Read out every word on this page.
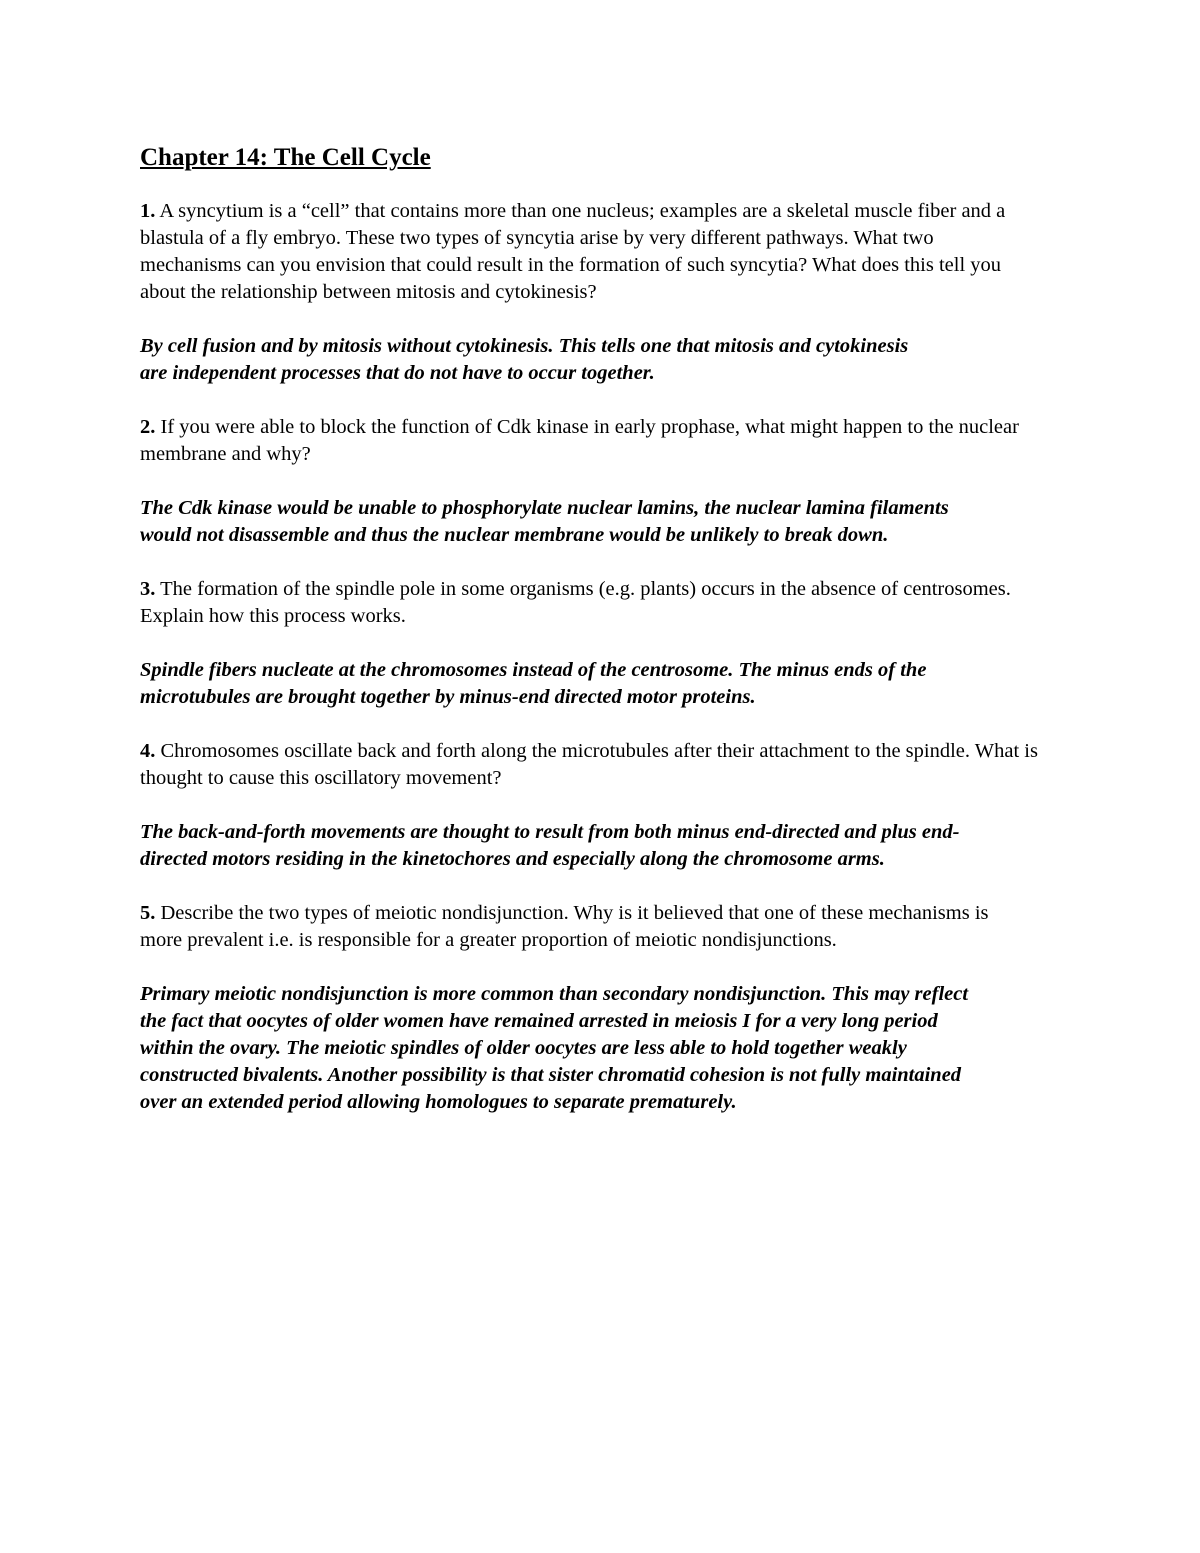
Chapter 14: The Cell Cycle

1. A syncytium is a “cell” that contains more than one nucleus; examples are a skeletal muscle fiber and a blastula of a fly embryo. These two types of syncytia arise by very different pathways. What two mechanisms can you envision that could result in the formation of such syncytia? What does this tell you about the relationship between mitosis and cytokinesis?

By cell fusion and by mitosis without cytokinesis. This tells one that mitosis and cytokinesis are independent processes that do not have to occur together.

2. If you were able to block the function of Cdk kinase in early prophase, what might happen to the nuclear membrane and why?

The Cdk kinase would be unable to phosphorylate nuclear lamins, the nuclear lamina filaments would not disassemble and thus the nuclear membrane would be unlikely to break down.

3. The formation of the spindle pole in some organisms (e.g. plants) occurs in the absence of centrosomes. Explain how this process works.

Spindle fibers nucleate at the chromosomes instead of the centrosome. The minus ends of the microtubules are brought together by minus-end directed motor proteins.

4. Chromosomes oscillate back and forth along the microtubules after their attachment to the spindle. What is thought to cause this oscillatory movement?

The back-and-forth movements are thought to result from both minus end-directed and plus end-directed motors residing in the kinetochores and especially along the chromosome arms.

5. Describe the two types of meiotic nondisjunction. Why is it believed that one of these mechanisms is more prevalent i.e. is responsible for a greater proportion of meiotic nondisjunctions.

Primary meiotic nondisjunction is more common than secondary nondisjunction. This may reflect the fact that oocytes of older women have remained arrested in meiosis I for a very long period within the ovary. The meiotic spindles of older oocytes are less able to hold together weakly constructed bivalents. Another possibility is that sister chromatid cohesion is not fully maintained over an extended period allowing homologues to separate prematurely.
